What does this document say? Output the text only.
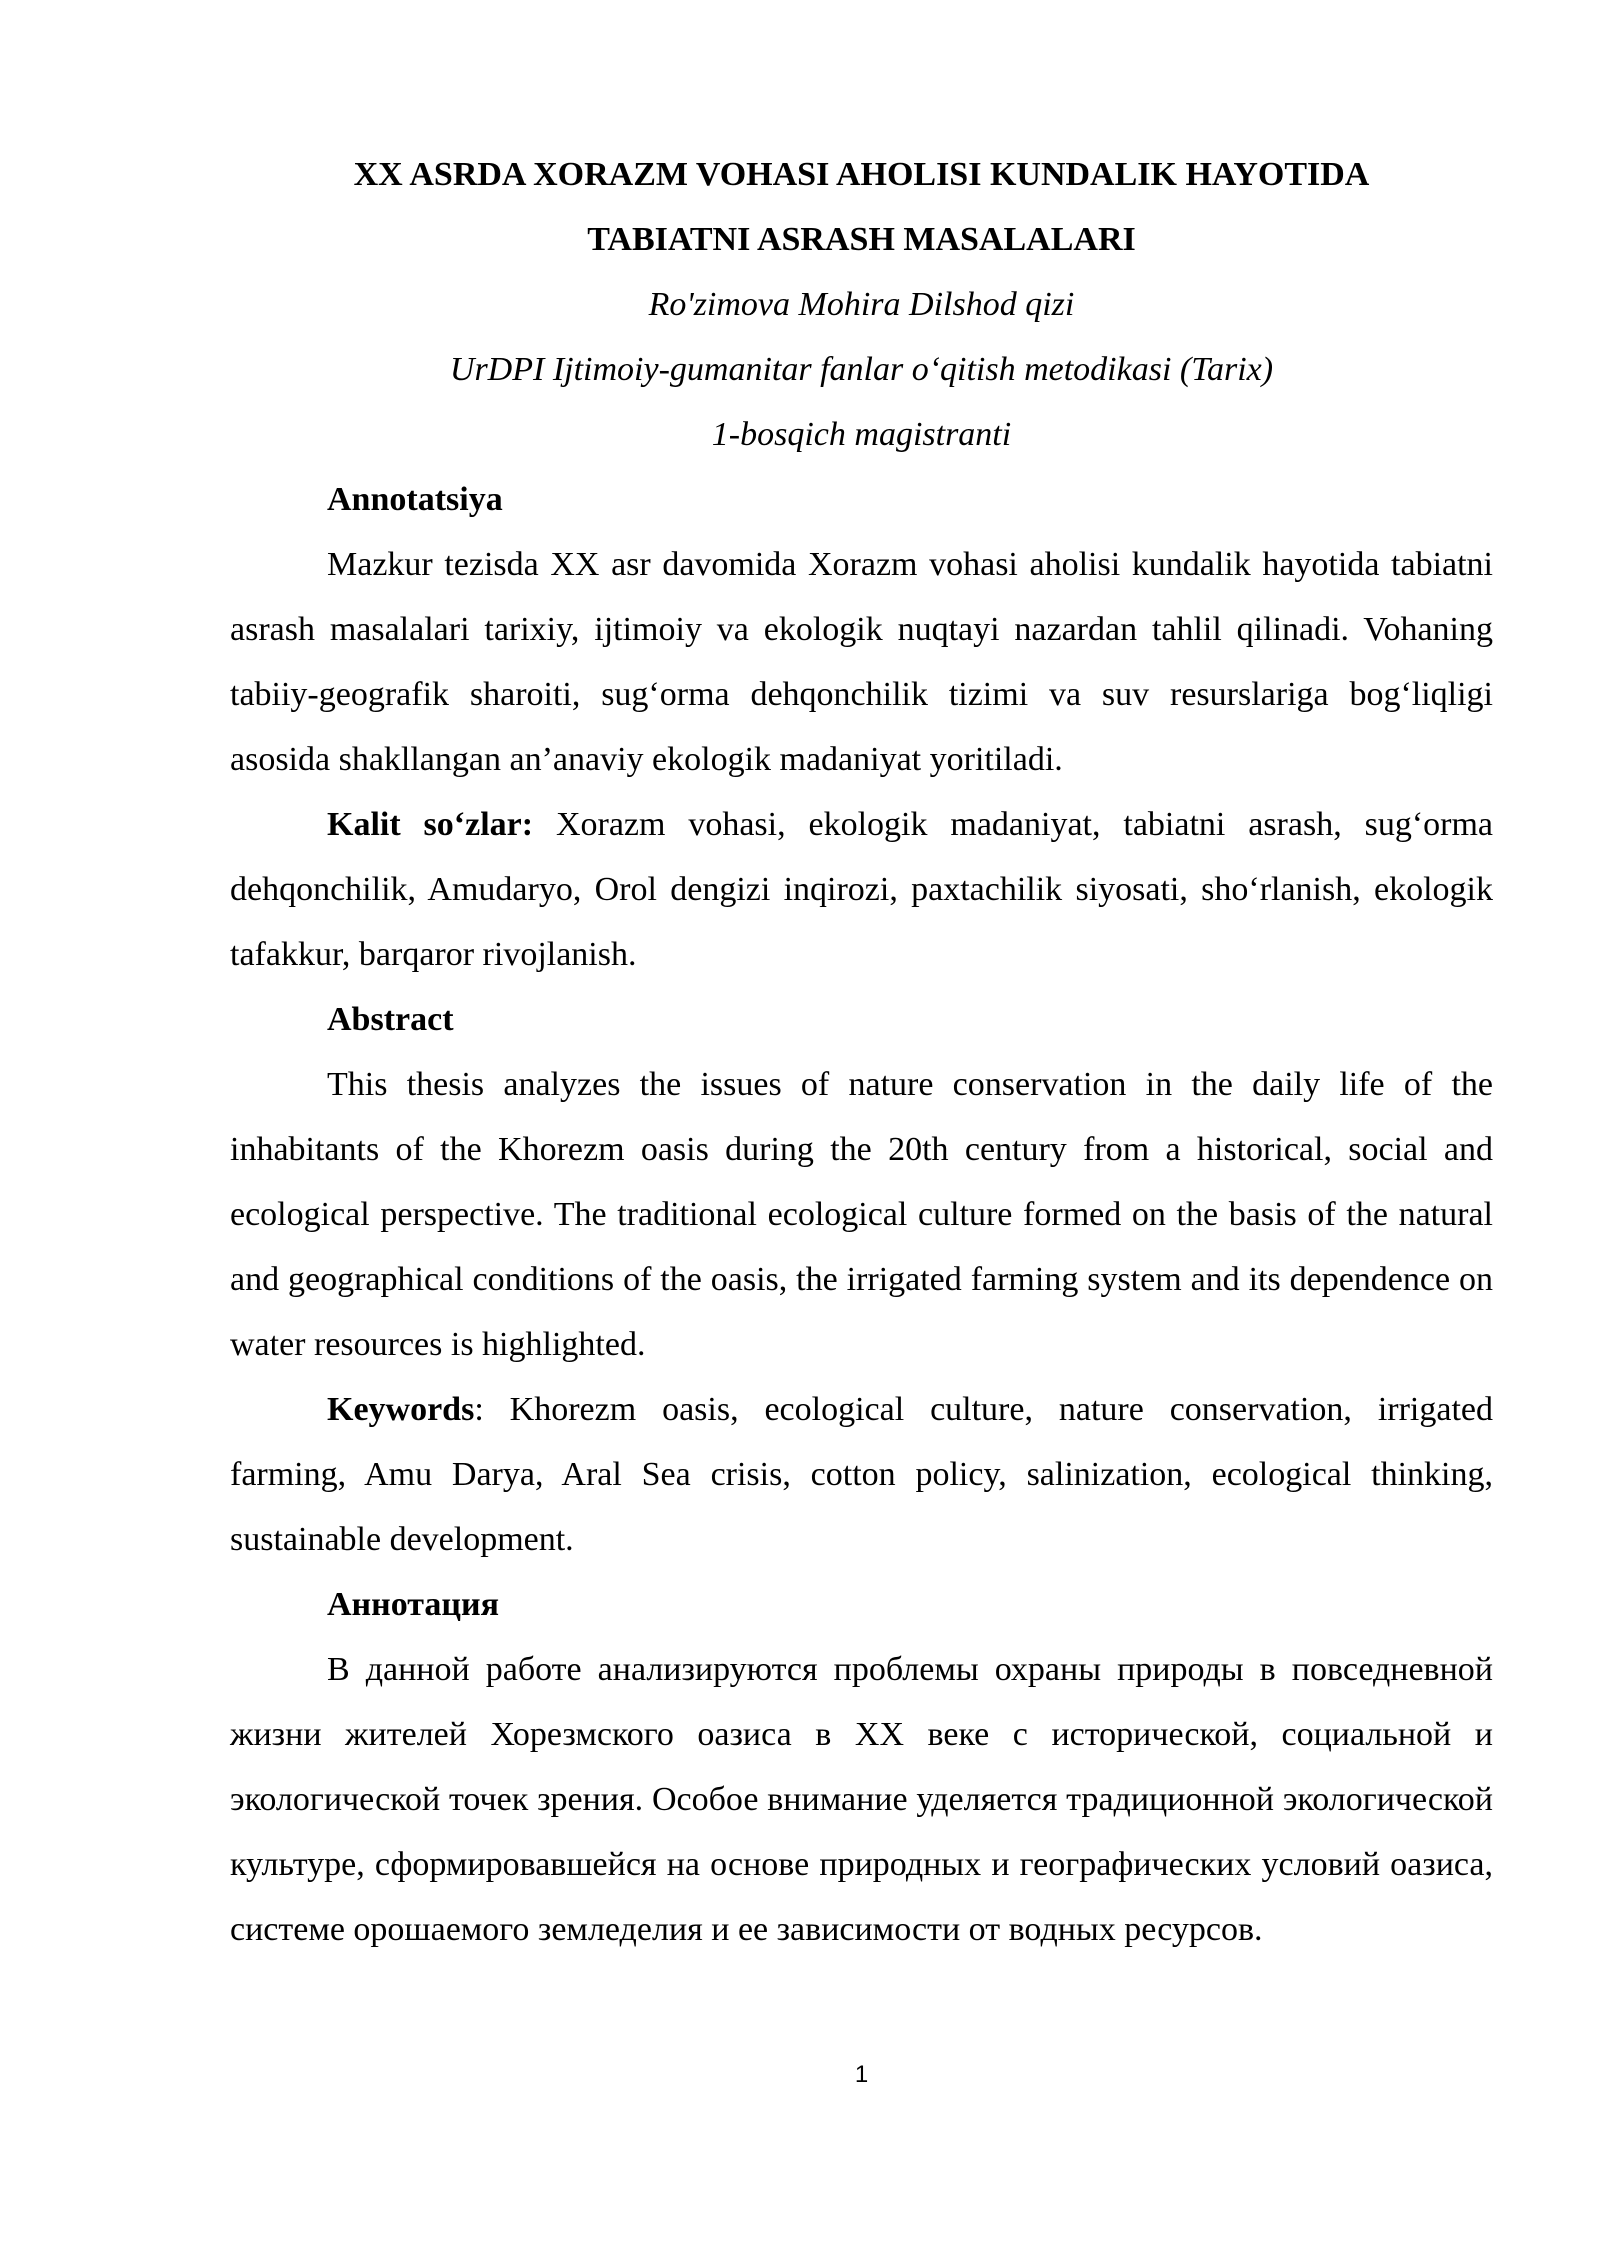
XX ASRDA XORAZM VOHASI AHOLISI KUNDALIK HAYOTIDA
TABIATNI ASRASH MASALALARI
Ro'zimova Mohira Dilshod qizi
UrDPI Ijtimoiy-gumanitar fanlar o‘qitish metodikasi (Tarix)
1-bosqich magistranti
Annotatsiya

Mazkur tezisda XX asr davomida Xorazm vohasi aholisi kundalik hayotida tabiatni asrash masalalari tarixiy, ijtimoiy va ekologik nuqtayi nazardan tahlil qilinadi. Vohaning tabiiy-geografik sharoiti, sug‘orma dehqonchilik tizimi va suv resurslariga bog‘liqligi asosida shakllangan an’anaviy ekologik madaniyat yoritiladi.

Kalit so‘zlar: Xorazm vohasi, ekologik madaniyat, tabiatni asrash, sug‘orma dehqonchilik, Amudaryo, Orol dengizi inqirozi, paxtachilik siyosati, sho‘rlanish, ekologik tafakkur, barqaror rivojlanish.

Abstract

This thesis analyzes the issues of nature conservation in the daily life of the inhabitants of the Khorezm oasis during the 20th century from a historical, social and ecological perspective. The traditional ecological culture formed on the basis of the natural and geographical conditions of the oasis, the irrigated farming system and its dependence on water resources is highlighted.

Keywords: Khorezm oasis, ecological culture, nature conservation, irrigated farming, Amu Darya, Aral Sea crisis, cotton policy, salinization, ecological thinking, sustainable development.

Аннотация

В данной работе анализируются проблемы охраны природы в повседневной жизни жителей Хорезмского оазиса в XX веке с исторической, социальной и экологической точек зрения. Особое внимание уделяется традиционной экологической культуре, сформировавшейся на основе природных и географических условий оазиса, системе орошаемого земледелия и ее зависимости от водных ресурсов.

1
